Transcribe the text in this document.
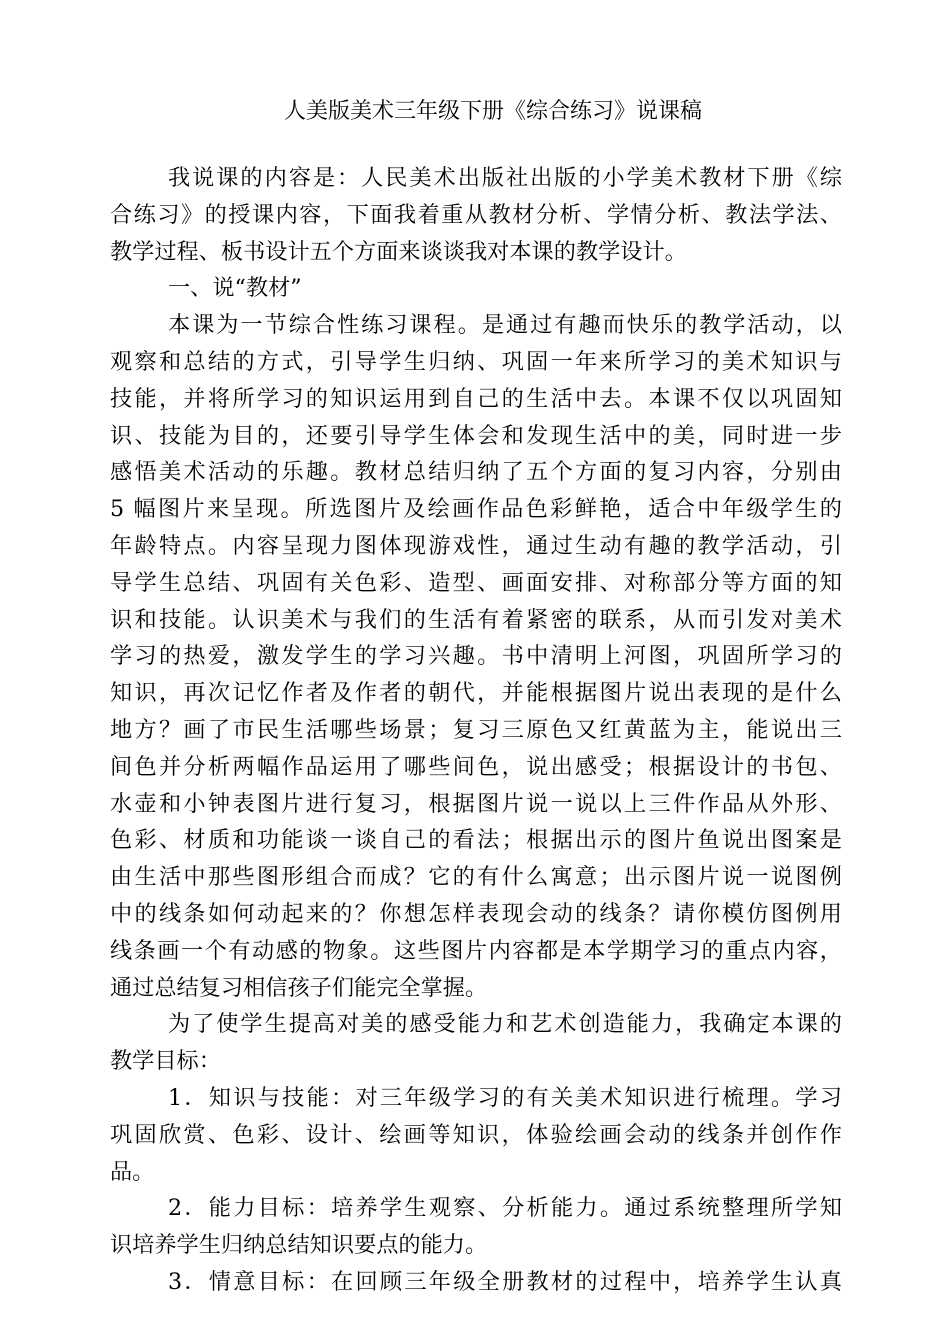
人美版美术三年级下册《综合练习》说课稿
我说课的内容是：人民美术出版社出版的小学美术教材下册《综
合练习》的授课内容，下面我着重从教材分析、学情分析、教法学法、
教学过程、板书设计五个方面来谈谈我对本课的教学设计。
一、说“教材”
本课为一节综合性练习课程。是通过有趣而快乐的教学活动，以
观察和总结的方式，引导学生归纳、巩固一年来所学习的美术知识与
技能，并将所学习的知识运用到自己的生活中去。本课不仅以巩固知
识、技能为目的，还要引导学生体会和发现生活中的美，同时进一步
感悟美术活动的乐趣。教材总结归纳了五个方面的复习内容，分别由
5 幅图片来呈现。所选图片及绘画作品色彩鲜艳，适合中年级学生的
年龄特点。内容呈现力图体现游戏性，通过生动有趣的教学活动，引
导学生总结、巩固有关色彩、造型、画面安排、对称部分等方面的知
识和技能。认识美术与我们的生活有着紧密的联系，从而引发对美术
学习的热爱，激发学生的学习兴趣。书中清明上河图，巩固所学习的
知识，再次记忆作者及作者的朝代，并能根据图片说出表现的是什么
地方？画了市民生活哪些场景；复习三原色又红黄蓝为主，能说出三
间色并分析两幅作品运用了哪些间色，说出感受；根据设计的书包、
水壶和小钟表图片进行复习，根据图片说一说以上三件作品从外形、
色彩、材质和功能谈一谈自己的看法；根据出示的图片鱼说出图案是
由生活中那些图形组合而成？它的有什么寓意；出示图片说一说图例
中的线条如何动起来的？你想怎样表现会动的线条？请你模仿图例用
线条画一个有动感的物象。这些图片内容都是本学期学习的重点内容，
通过总结复习相信孩子们能完全掌握。
为了使学生提高对美的感受能力和艺术创造能力，我确定本课的
教学目标：
1．知识与技能：对三年级学习的有关美术知识进行梳理。学习
巩固欣赏、色彩、设计、绘画等知识，体验绘画会动的线条并创作作
品。
2．能力目标：培养学生观察、分析能力。通过系统整理所学知
识培养学生归纳总结知识要点的能力。
3．情意目标：在回顾三年级全册教材的过程中，培养学生认真
